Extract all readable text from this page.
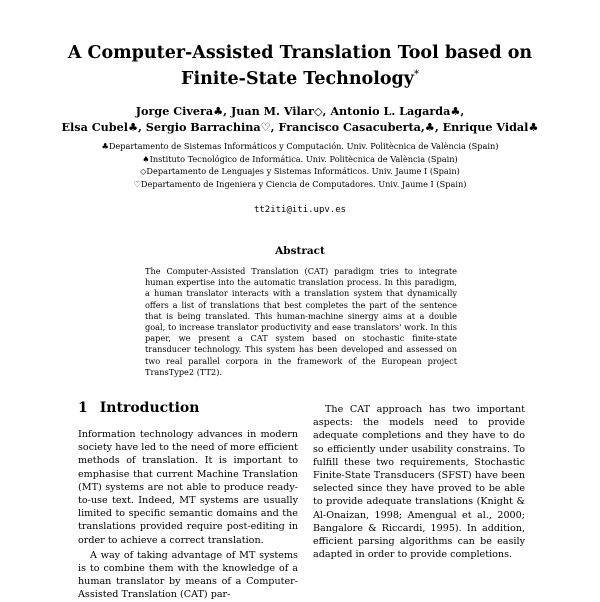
A Computer-Assisted Translation Tool based on
Finite-State Technology*
Jorge Civera♣, Juan M. Vilar◇, Antonio L. Lagarda♣,
Elsa Cubel♣, Sergio Barrachina♡, Francisco Casacuberta,♣, Enrique Vidal♣
♣Departamento de Sistemas Informáticos y Computación. Univ. Politècnica de València (Spain)
♠Instituto Tecnológico de Informática. Univ. Politècnica de València (Spain)
◇Departamento de Lenguajes y Sistemas Informáticos. Univ. Jaume I (Spain)
♡Departamento de Ingeniera y Ciencia de Computadores. Univ. Jaume I (Spain)
tt2iti@iti.upv.es
Abstract
The Computer-Assisted Translation (CAT) paradigm tries to integrate human expertise into the automatic translation process. In this paradigm, a human translator interacts with a translation system that dynamically offers a list of translations that best completes the part of the sentence that is being translated. This human-machine sinergy aims at a double goal, to increase translator productivity and ease translators' work. In this paper, we present a CAT system based on stochastic finite-state transducer technology. This system has been developed and assessed on two real parallel corpora in the framework of the European project TransType2 (TT2).
1 Introduction

Information technology advances in modern society have led to the need of more efficient methods of translation. It is important to emphasise that current Machine Translation (MT) systems are not able to produce ready-to-use text. Indeed, MT systems are usually limited to specific semantic domains and the translations provided require post-editing in order to achieve a correct translation.

A way of taking advantage of MT systems is to combine them with the knowledge of a human translator by means of a Computer-Assisted Translation (CAT) par-

The CAT approach has two important aspects: the models need to provide adequate completions and they have to do so efficiently under usability constrains. To fulfill these two requirements, Stochastic Finite-State Transducers (SFST) have been selected since they have proved to be able to provide adequate translations (Knight & Al-Onaizan, 1998; Amengual et al., 2000; Bangalore & Riccardi, 1995). In addition, efficient parsing algorithms can be easily adapted in order to provide completions.
